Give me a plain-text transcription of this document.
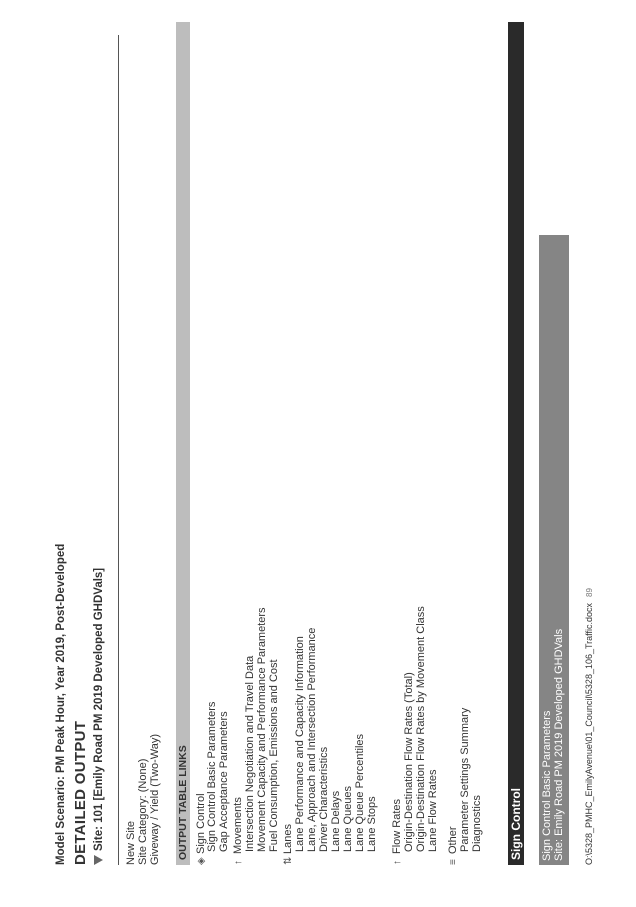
Model Scenario: PM Peak Hour, Year 2019, Post-Developed DETAILED OUTPUT Site: 101 [Emily Road PM 2019 Developed GHDVals] New Site Site Category: (None) Giveway / Yield (Two-Way) OUTPUT TABLE LINKS
◈Sign Control Sign Control Basic Parameters Gap Acceptance Parameters
↑Movements Intersection Negotiation and Travel Data Movement Capacity and Performance Parameters Fuel Consumption, Emissions and Cost
⇅Lanes Lane Performance and Capacity Information Lane, Approach and Intersection Performance Driver Characteristics Lane Delays Lane Queues Lane Queue Percentiles Lane Stops
↑Flow Rates Origin-Destination Flow Rates (Total) Origin-Destination Flow Rates by Movement Class Lane Flow Rates
≡Other Parameter Settings Summary Diagnostics Sign Control Sign Control Basic Parameters Site: Emily Road PM 2019 Developed GHDVals O:\5328_PMHC_EmilyAvenue\01_Council\5328_106_Traffic.docx89
